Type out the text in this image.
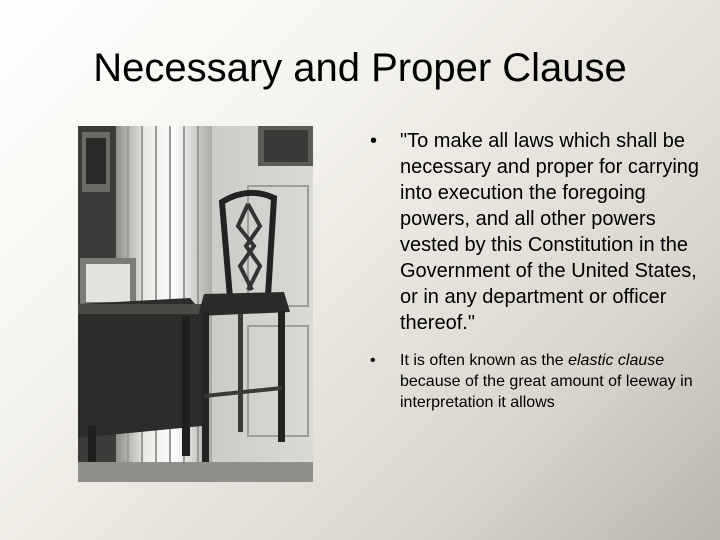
Necessary and Proper Clause
• "To make all laws which shall be necessary and proper for carrying into execution the foregoing powers, and all other powers vested by this Constitution in the Government of the United States, or in any department or officer thereof."
• It is often known as the elastic clause because of the great amount of leeway in interpretation it allows
